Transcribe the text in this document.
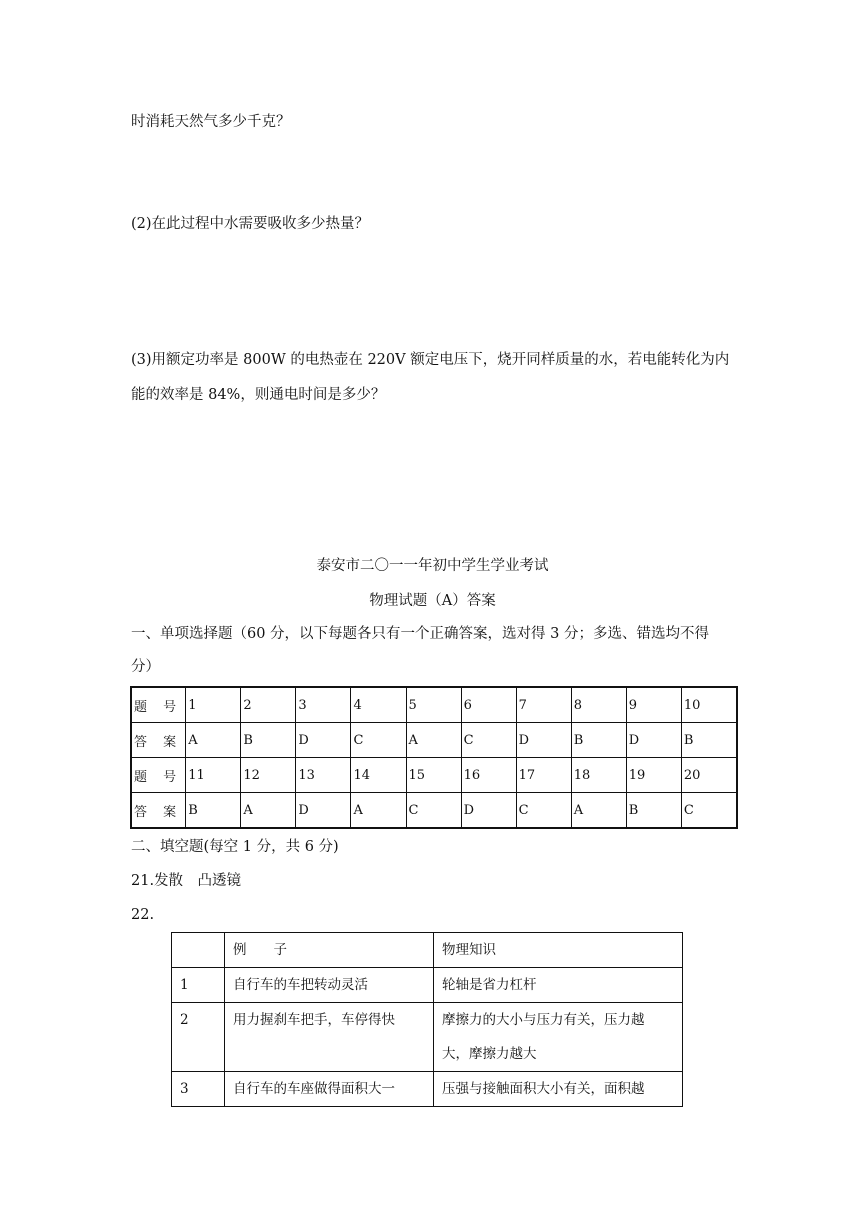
时消耗天然气多少千克？
(2)在此过程中水需要吸收多少热量？
(3)用额定功率是 800W 的电热壶在 220V 额定电压下，烧开同样质量的水，若电能转化为内
能的效率是 84%，则通电时间是多少？
泰安市二〇一一年初中学生学业考试
物理试题（A）答案
一、单项选择题（60 分，以下每题各只有一个正确答案，选对得 3 分；多选、错选均不得
分）
题 号	1	2	3	4	5	6	7	8	9	10
答 案	A	B	D	C	A	C	D	B	D	B
题 号	11	12	13	14	15	16	17	18	19	20
答 案	B	A	D	A	C	D	C	A	B	C
二、填空题(每空 1 分，共 6 分)
21.发散　凸透镜
22.
	例　　子	物理知识
1	自行车的车把转动灵活	轮轴是省力杠杆

2	用力握刹车把手，车停得快	摩擦力的大小与压力有关，压力越
大，摩擦力越大

3	自行车的车座做得面积大一	压强与接触面积大小有关，面积越
